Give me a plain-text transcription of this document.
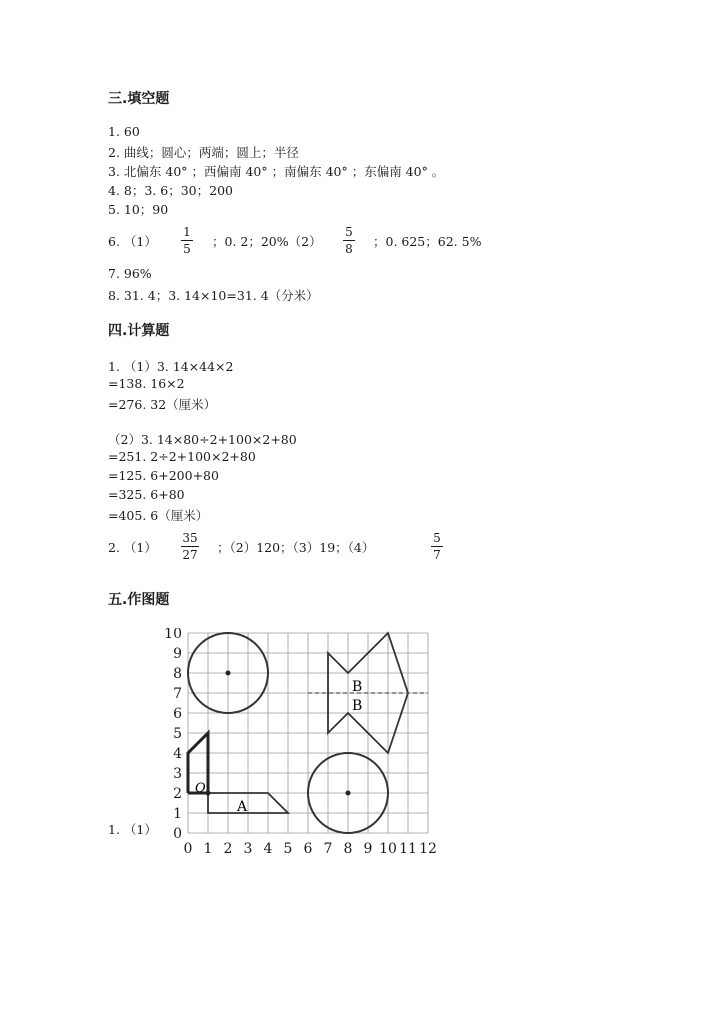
三.填空题
1. 60
2. 曲线；圆心；两端；圆上；半径
3. 北偏东 40° ；西偏南 40° ；南偏东 40° ；东偏南 40° 。
4. 8；3. 6；30；200
5. 10；90
6. （1）
1
5	；0. 2；20%（2）
5
8	；0. 625；62. 5%
7. 96%
8. 31. 4；3. 14×10=31. 4（分米）
四.计算题
1. （1）3. 14×44×2
=138. 16×2
=276. 32（厘米）
（2）3. 14×80÷2+100×2+80
=251. 2÷2+100×2+80
=125. 6+200+80
=325. 6+80
=405. 6（厘米）
2. （1）
35
27	；（2）120；（3）19；（4）
5
7
五.作图题
1. （1）
0 1 2 3 4 5 6 7 8 9 10 11 12
0
1
2
3
4
5
6
7
8
9
10
A
B
B
O
